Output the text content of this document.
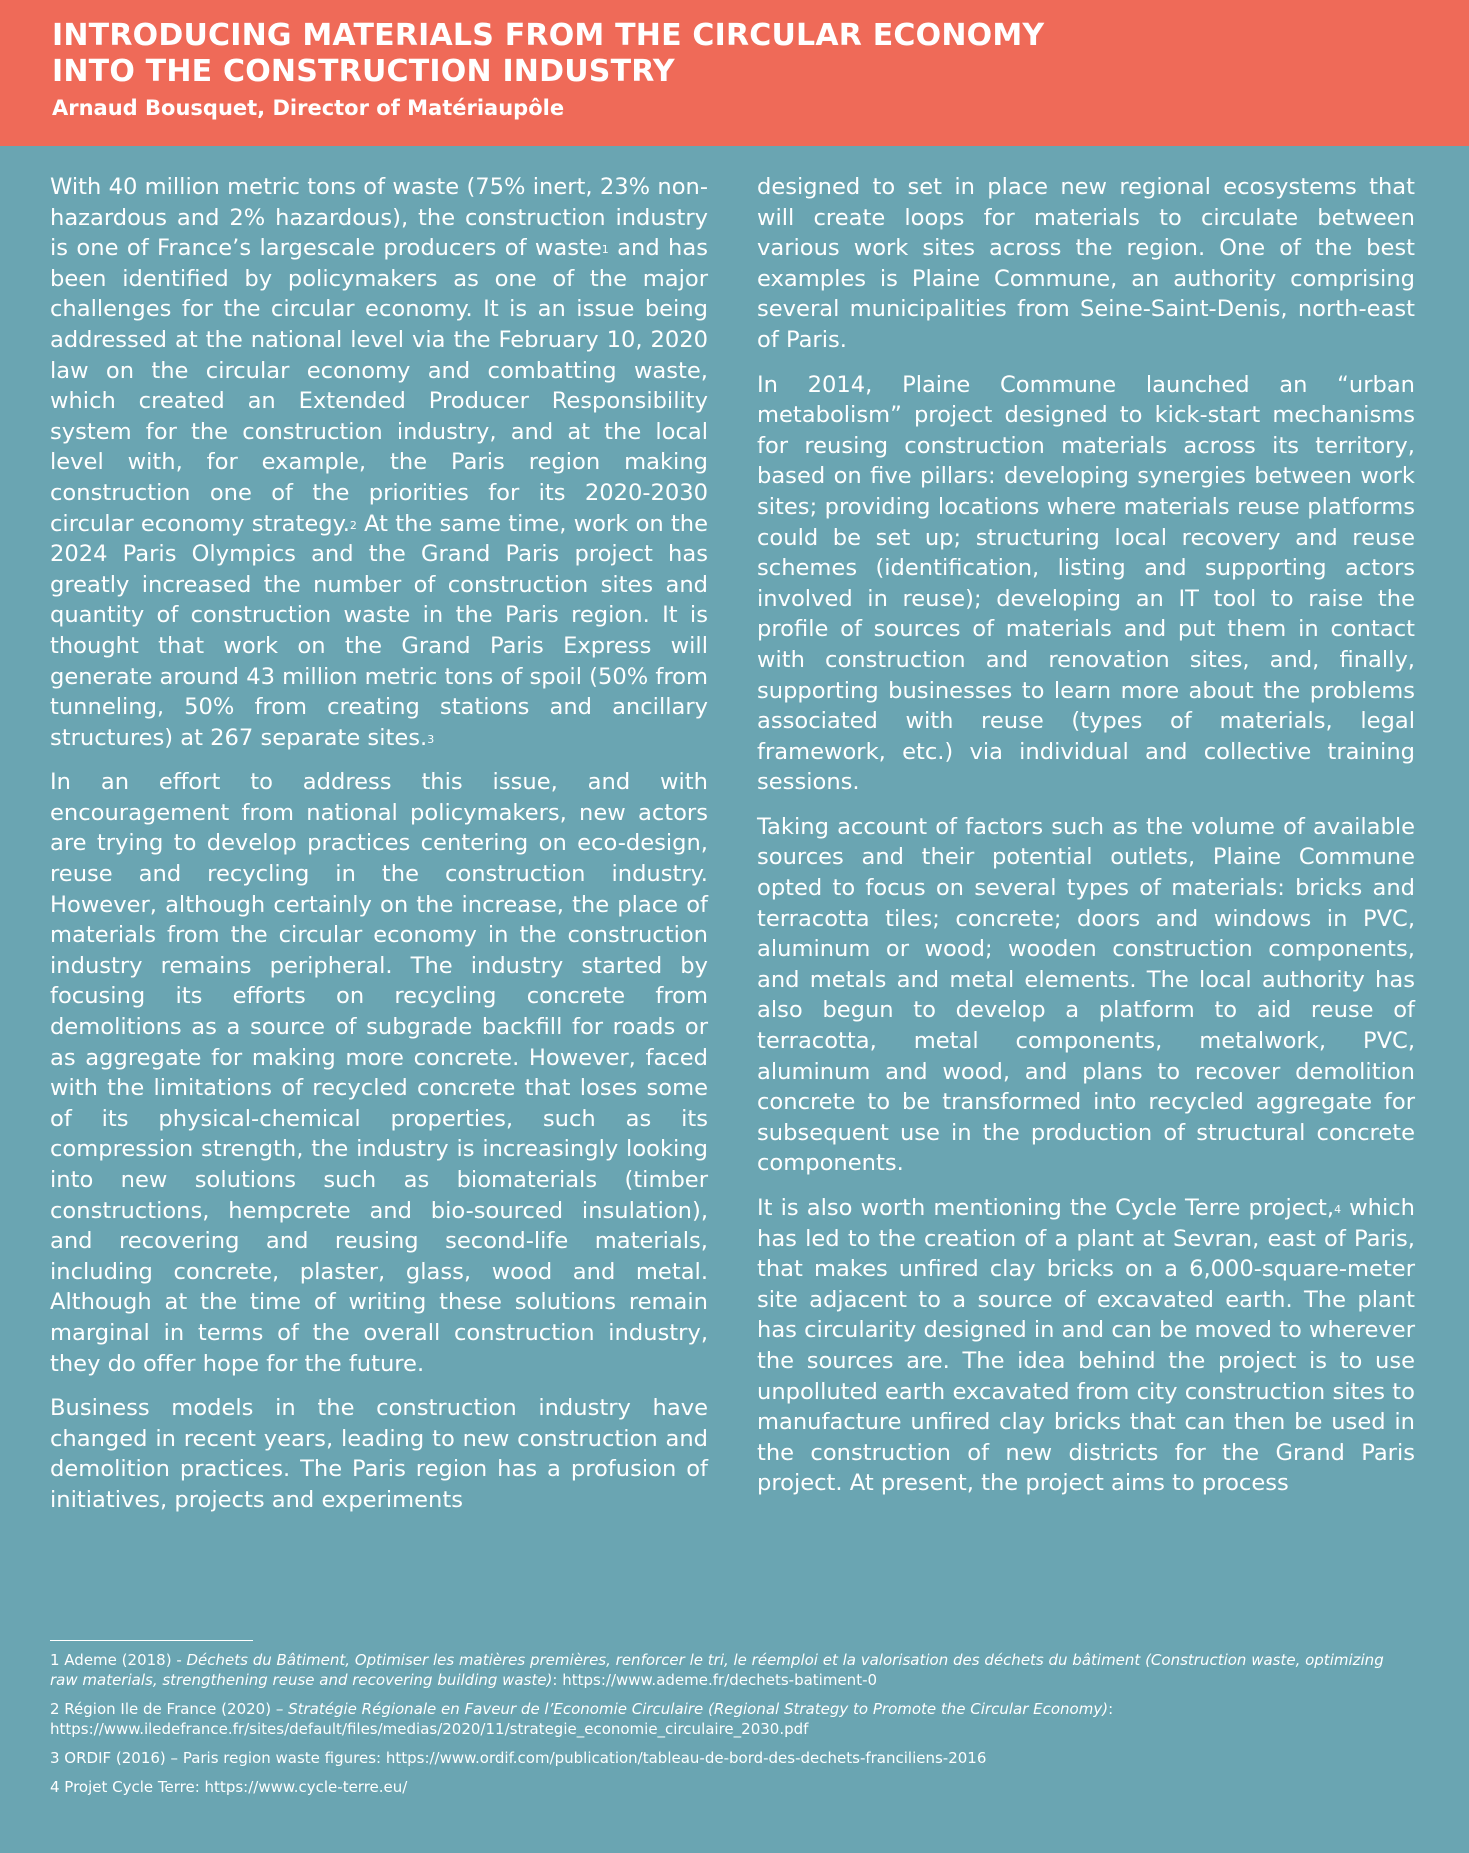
INTRODUCING MATERIALS FROM THE CIRCULAR ECONOMY
INTO THE CONSTRUCTION INDUSTRY
Arnaud Bousquet, Director of Matériaupôle

With 40 million metric tons of waste (75% inert, 23% non-hazardous and 2% hazardous), the construction industry is one of France’s largescale producers of waste$^1$ and has been identified by policymakers as one of the major challenges for the circular economy. It is an issue being addressed at the national level via the February 10, 2020 law on the circular economy and combatting waste, which created an Extended Producer Responsibility system for the construction industry, and at the local level with, for example, the Paris region making construction one of the priorities for its 2020-2030 circular economy strategy.$^2$ At the same time, work on the 2024 Paris Olympics and the Grand Paris project has greatly increased the number of construction sites and quantity of construction waste in the Paris region. It is thought that work on the Grand Paris Express will generate around 43 million metric tons of spoil (50% from tunneling, 50% from creating stations and ancillary structures) at 267 separate sites.$^3$

In an effort to address this issue, and with encouragement from national policymakers, new actors are trying to develop practices centering on eco-design, reuse and recycling in the construction industry. However, although certainly on the increase, the place of materials from the circular economy in the construction industry remains peripheral. The industry started by focusing its efforts on recycling concrete from demolitions as a source of subgrade backfill for roads or as aggregate for making more concrete. However, faced with the limitations of recycled concrete that loses some of its physical-chemical properties, such as its compression strength, the industry is increasingly looking into new solutions such as biomaterials (timber constructions, hempcrete and bio-sourced insulation), and recovering and reusing second-life materials, including concrete, plaster, glass, wood and metal. Although at the time of writing these solutions remain marginal in terms of the overall construction industry, they do offer hope for the future.

Business models in the construction industry have changed in recent years, leading to new construction and demolition practices. The Paris region has a profusion of initiatives, projects and experiments

designed to set in place new regional ecosystems that will create loops for materials to circulate between various work sites across the region. One of the best examples is Plaine Commune, an authority comprising several municipalities from Seine-Saint-Denis, north-east of Paris.

In 2014, Plaine Commune launched an “urban metabolism” project designed to kick-start mechanisms for reusing construction materials across its territory, based on five pillars: developing synergies between work sites; providing locations where materials reuse platforms could be set up; structuring local recovery and reuse schemes (identification, listing and supporting actors involved in reuse); developing an IT tool to raise the profile of sources of materials and put them in contact with construction and renovation sites, and, finally, supporting businesses to learn more about the problems associated with reuse (types of materials, legal framework, etc.) via individual and collective training sessions.

Taking account of factors such as the volume of available sources and their potential outlets, Plaine Commune opted to focus on several types of materials: bricks and terracotta tiles; concrete; doors and windows in PVC, aluminum or wood; wooden construction components, and metals and metal elements. The local authority has also begun to develop a platform to aid reuse of terracotta, metal components, metalwork, PVC, aluminum and wood, and plans to recover demolition concrete to be transformed into recycled aggregate for subsequent use in the production of structural concrete components.

It is also worth mentioning the Cycle Terre project,$^4$ which has led to the creation of a plant at Sevran, east of Paris, that makes unfired clay bricks on a 6,000-square-meter site adjacent to a source of excavated earth. The plant has circularity designed in and can be moved to wherever the sources are. The idea behind the project is to use unpolluted earth excavated from city construction sites to manufacture unfired clay bricks that can then be used in the construction of new districts for the Grand Paris project. At present, the project aims to process

1 Ademe (2018) - Déchets du Bâtiment, Optimiser les matières premières, renforcer le tri, le réemploi et la valorisation des déchets du bâtiment (Construction waste, optimizing raw materials, strengthening reuse and recovering building waste): https://www.ademe.fr/dechets-batiment-0
2 Région Ile de France (2020) – Stratégie Régionale en Faveur de l’Economie Circulaire (Regional Strategy to Promote the Circular Economy): https://www.iledefrance.fr/sites/default/files/medias/2020/11/strategie_economie_circulaire_2030.pdf
3 ORDIF (2016) – Paris region waste figures: https://www.ordif.com/publication/tableau-de-bord-des-dechets-franciliens-2016
4 Projet Cycle Terre: https://www.cycle-terre.eu/
